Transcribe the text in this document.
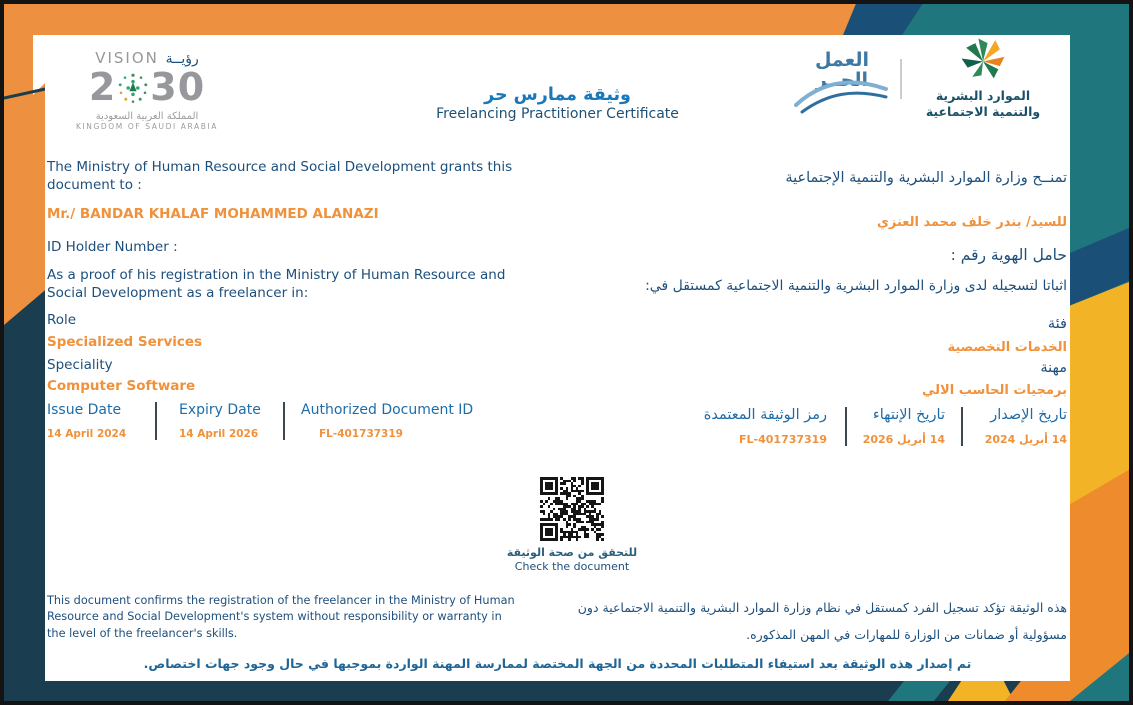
VISION رؤيــة
2 30
المملكة العربية السعودية
KINGDOM OF SAUDI ARABIA
الموارد البشرية
والتنمية الاجتماعية
العمل
الحــر
وثيقة ممارس حر
Freelancing Practitioner Certificate
The Ministry of Human Resource and Social Development grants this document to :
Mr./ BANDAR KHALAF MOHAMMED ALANAZI
ID Holder Number :
As a proof of his registration in the Ministry of Human Resource and Social Development as a freelancer in:
Role
Specialized Services
Speciality
Computer Software
Issue Date
14 April 2024
Expiry Date
14 April 2026
Authorized Document ID
FL-401737319
تمنــح وزارة الموارد البشرية والتنمية الإجتماعية
للسيد/ بندر خلف محمد العنزي
حامل الهوية رقم :
اثباتا لتسجيله لدى وزارة الموارد البشرية والتنمية الاجتماعية كمستقل في:
فئة
الخدمات التخصصية
مهنة
برمجيات الحاسب الالي
تاريخ الإصدار
14 أبريل 2024
تاريخ الإنتهاء
14 أبريل 2026
رمز الوثيقة المعتمدة
FL-401737319
للتحقق من صحة الوثيقة
Check the document
This document confirms the registration of the freelancer in the Ministry of Human Resource and Social Development's system without responsibility or warranty in the level of the freelancer's skills.
هذه الوثيقة تؤكد تسجيل الفرد كمستقل في نظام وزارة الموارد البشرية والتنمية الاجتماعية دون مسؤولية أو ضمانات من الوزارة للمهارات في المهن المذكوره.
تم إصدار هذه الوثيقة بعد استيفاء المتطلبات المحددة من الجهة المختصة لممارسة المهنة الواردة بموجبها في حال وجود جهات اختصاص.
